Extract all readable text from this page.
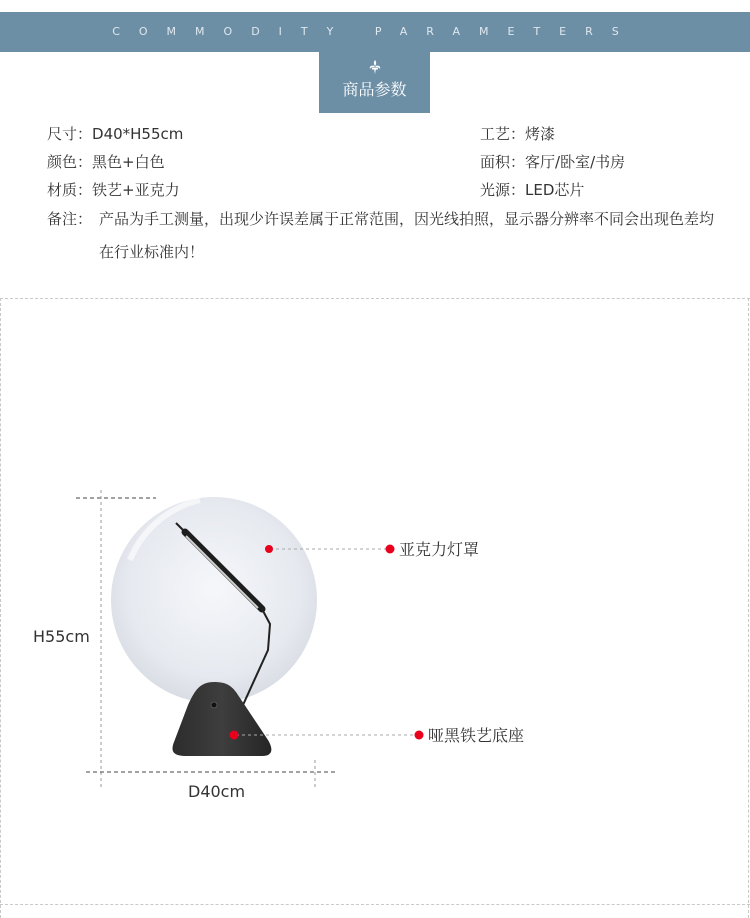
COMMODITY PARAMETERS
商品参数
尺寸：D40*H55cm
颜色：黑色+白色
材质：铁艺+亚克力
工艺：烤漆
面积：客厅/卧室/书房
光源：LED芯片
备注： 产品为手工测量，出现少许误差属于正常范围，因光线拍照，显示器分辨率不同会出现色差均在行业标准内！
H55cm
D40cm
亚克力灯罩
哑黑铁艺底座
